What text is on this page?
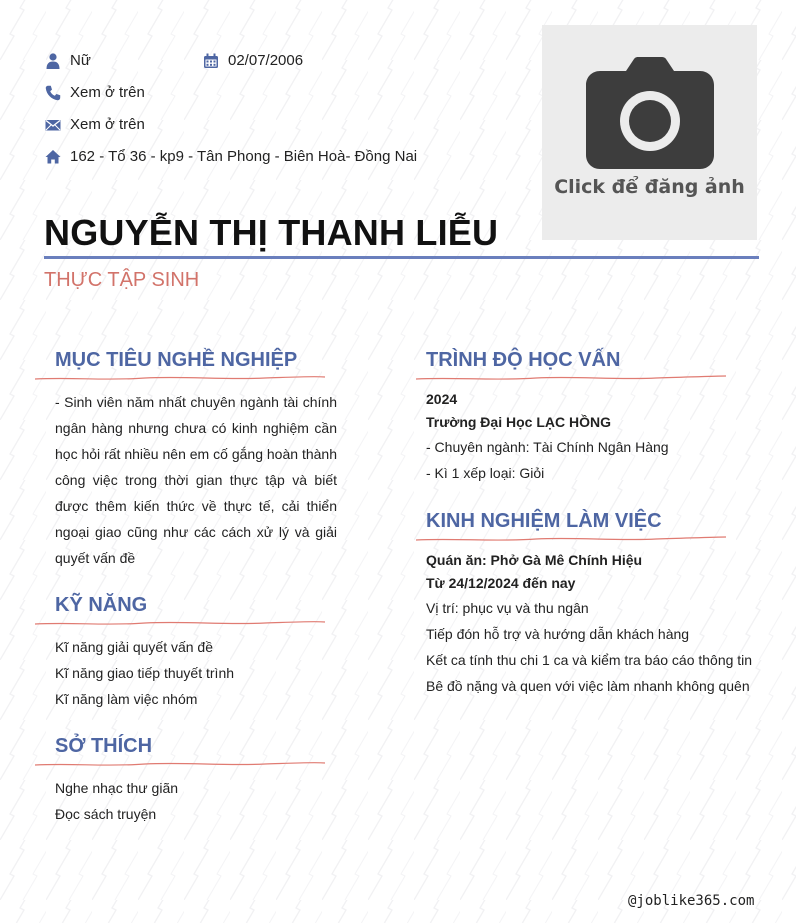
Nữ	02/07/2006
Xem ở trên
Xem ở trên
162 - Tổ 36 - kp9 - Tân Phong - Biên Hoà- Đồng Nai
Click để đăng ảnh
NGUYỄN THỊ THANH LIỄU
THỰC TẬP SINH
MỤC TIÊU NGHỀ NGHIỆP
- Sinh viên năm nhất chuyên ngành tài chính ngân hàng nhưng chưa có kinh nghiệm cần học hỏi rất nhiều nên em cố gắng hoàn thành công việc trong thời gian thực tập và biết được thêm kiến thức về thực tế, cải thiển ngoại giao cũng như các cách xử lý và giải quyết vấn đề
KỸ NĂNG
Kĩ năng giải quyết vấn đề
Kĩ năng giao tiếp thuyết trình
Kĩ năng làm việc nhóm
SỞ THÍCH
Nghe nhạc thư giãn
Đọc sách truyện
TRÌNH ĐỘ HỌC VẤN
2024
Trường Đại Học LẠC HỒNG
- Chuyên ngành: Tài Chính Ngân Hàng
- Kì 1 xếp loại: Giỏi
KINH NGHIỆM LÀM VIỆC
Quán ăn: Phở Gà Mê Chính Hiệu
Từ 24/12/2024 đến nay
Vị trí: phục vụ và thu ngân
Tiếp đón hỗ trợ và hướng dẫn khách hàng
Kết ca tính thu chi 1 ca và kiểm tra báo cáo thông tin
Bê đồ nặng và quen với việc làm nhanh không quên
@joblike365.com
